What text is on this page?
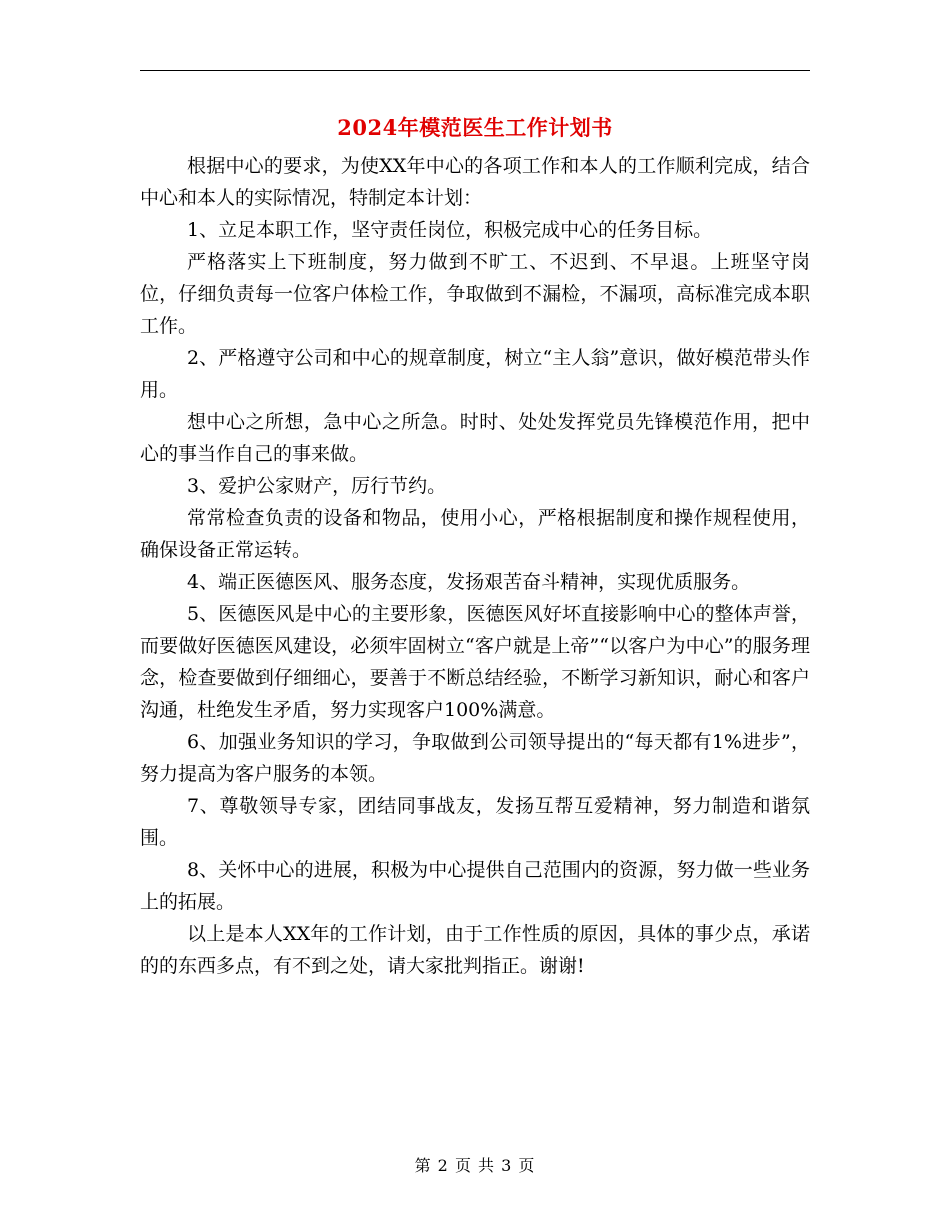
2024年模范医生工作计划书

根据中心的要求，为使XX年中心的各项工作和本人的工作顺利完成，结合中心和本人的实际情况，特制定本计划：

1、立足本职工作，坚守责任岗位，积极完成中心的任务目标。

严格落实上下班制度，努力做到不旷工、不迟到、不早退。上班坚守岗位，仔细负责每一位客户体检工作，争取做到不漏检，不漏项，高标准完成本职工作。

2、严格遵守公司和中心的规章制度，树立“主人翁”意识，做好模范带头作用。

想中心之所想，急中心之所急。时时、处处发挥党员先锋模范作用，把中心的事当作自己的事来做。

3、爱护公家财产，厉行节约。

常常检查负责的设备和物品，使用小心，严格根据制度和操作规程使用，确保设备正常运转。

4、端正医德医风、服务态度，发扬艰苦奋斗精神，实现优质服务。

5、医德医风是中心的主要形象，医德医风好坏直接影响中心的整体声誉，而要做好医德医风建设，必须牢固树立“客户就是上帝”“以客户为中心”的服务理念，检查要做到仔细细心，要善于不断总结经验，不断学习新知识，耐心和客户沟通，杜绝发生矛盾，努力实现客户100%满意。

6、加强业务知识的学习，争取做到公司领导提出的“每天都有1%进步”，努力提高为客户服务的本领。

7、尊敬领导专家，团结同事战友，发扬互帮互爱精神，努力制造和谐氛围。

8、关怀中心的进展，积极为中心提供自己范围内的资源，努力做一些业务上的拓展。

以上是本人XX年的工作计划，由于工作性质的原因，具体的事少点，承诺的的东西多点，有不到之处，请大家批判指正。谢谢!

第 2 页 共 3 页
